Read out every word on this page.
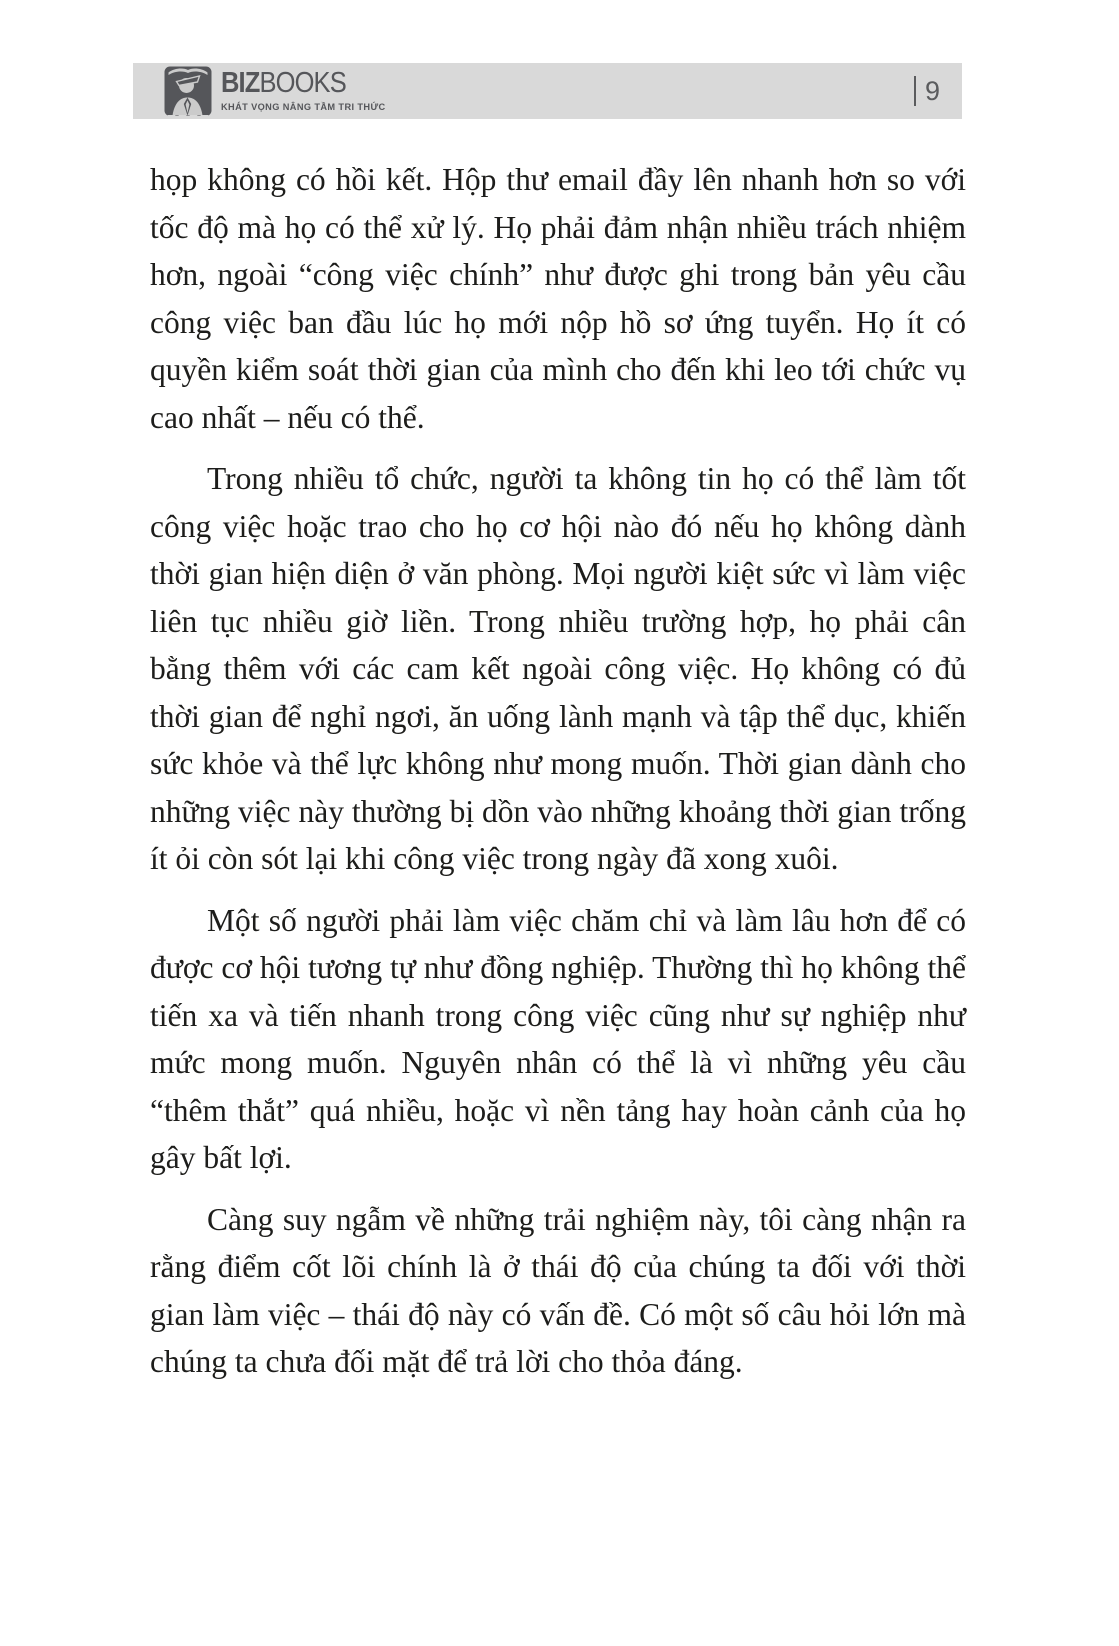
BIZBOOKS
KHÁT VỌNG NÂNG TẦM TRI THỨC
9

họp không có hồi kết. Hộp thư email đầy lên nhanh hơn so với tốc độ mà họ có thể xử lý. Họ phải đảm nhận nhiều trách nhiệm hơn, ngoài “công việc chính” như được ghi trong bản yêu cầu công việc ban đầu lúc họ mới nộp hồ sơ ứng tuyển. Họ ít có quyền kiểm soát thời gian của mình cho đến khi leo tới chức vụ cao nhất – nếu có thể.

Trong nhiều tổ chức, người ta không tin họ có thể làm tốt công việc hoặc trao cho họ cơ hội nào đó nếu họ không dành thời gian hiện diện ở văn phòng. Mọi người kiệt sức vì làm việc liên tục nhiều giờ liền. Trong nhiều trường hợp, họ phải cân bằng thêm với các cam kết ngoài công việc. Họ không có đủ thời gian để nghỉ ngơi, ăn uống lành mạnh và tập thể dục, khiến sức khỏe và thể lực không như mong muốn. Thời gian dành cho những việc này thường bị dồn vào những khoảng thời gian trống ít ỏi còn sót lại khi công việc trong ngày đã xong xuôi.

Một số người phải làm việc chăm chỉ và làm lâu hơn để có được cơ hội tương tự như đồng nghiệp. Thường thì họ không thể tiến xa và tiến nhanh trong công việc cũng như sự nghiệp như mức mong muốn. Nguyên nhân có thể là vì những yêu cầu “thêm thắt” quá nhiều, hoặc vì nền tảng hay hoàn cảnh của họ gây bất lợi.

Càng suy ngẫm về những trải nghiệm này, tôi càng nhận ra rằng điểm cốt lõi chính là ở thái độ của chúng ta đối với thời gian làm việc – thái độ này có vấn đề. Có một số câu hỏi lớn mà chúng ta chưa đối mặt để trả lời cho thỏa đáng.
